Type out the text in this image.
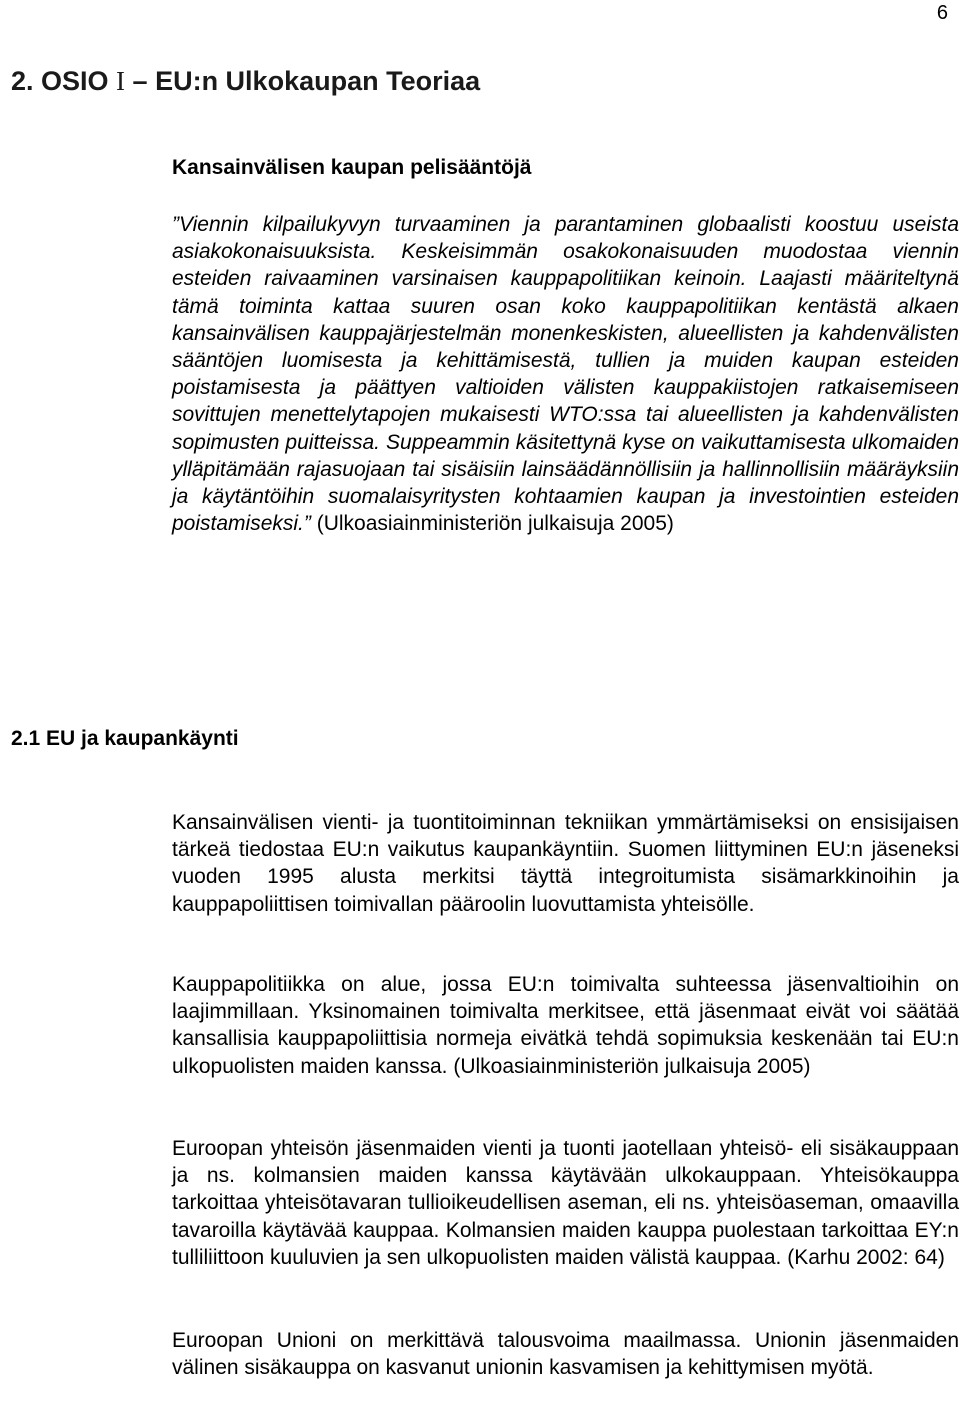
6
2. OSIO I – EU:n Ulkokaupan Teoriaa
Kansainvälisen kaupan pelisääntöjä

”Viennin kilpailukyvyn turvaaminen ja parantaminen globaalisti koostuu useista asiakokonaisuuksista. Keskeisimmän osakokonaisuuden muodostaa viennin esteiden raivaaminen varsinaisen kauppapolitiikan keinoin. Laajasti määriteltynä tämä toiminta kattaa suuren osan koko kauppapolitiikan kentästä alkaen kansainvälisen kauppajärjestelmän monenkeskisten, alueellisten ja kahdenvälisten sääntöjen luomisesta ja kehittämisestä, tullien ja muiden kaupan esteiden poistamisesta ja päättyen valtioiden välisten kauppakiistojen ratkaisemiseen sovittujen menettelytapojen mukaisesti WTO:ssa tai alueellisten ja kahdenvälisten sopimusten puitteissa. Suppeammin käsitettynä kyse on vaikuttamisesta ulkomaiden ylläpitämään rajasuojaan tai sisäisiin lainsäädännöllisiin ja hallinnollisiin määräyksiin ja käytäntöihin suomalaisyritysten kohtaamien kaupan ja investointien esteiden poistamiseksi.” (Ulkoasiainministeriön julkaisuja 2005)

2.1 EU ja kaupankäynti

Kansainvälisen vienti- ja tuontitoiminnan tekniikan ymmärtämiseksi on ensisijaisen tärkeä tiedostaa EU:n vaikutus kaupankäyntiin. Suomen liittyminen EU:n jäseneksi vuoden 1995 alusta merkitsi täyttä integroitumista sisämarkkinoihin ja kauppapoliittisen toimivallan pääroolin luovuttamista yhteisölle.

Kauppapolitiikka on alue, jossa EU:n toimivalta suhteessa jäsenvaltioihin on laajimmillaan. Yksinomainen toimivalta merkitsee, että jäsenmaat eivät voi säätää kansallisia kauppapoliittisia normeja eivätkä tehdä sopimuksia keskenään tai EU:n ulkopuolisten maiden kanssa. (Ulkoasiainministeriön julkaisuja 2005)

Euroopan yhteisön jäsenmaiden vienti ja tuonti jaotellaan yhteisö- eli sisäkauppaan ja ns. kolmansien maiden kanssa käytävään ulkokauppaan. Yhteisökauppa tarkoittaa yhteisötavaran tullioikeudellisen aseman, eli ns. yhteisöaseman, omaavilla tavaroilla käytävää kauppaa. Kolmansien maiden kauppa puolestaan tarkoittaa EY:n tulliliittoon kuuluvien ja sen ulkopuolisten maiden välistä kauppaa. (Karhu 2002: 64)

Euroopan Unioni on merkittävä talousvoima maailmassa. Unionin jäsenmaiden välinen sisäkauppa on kasvanut unionin kasvamisen ja kehittymisen myötä.
